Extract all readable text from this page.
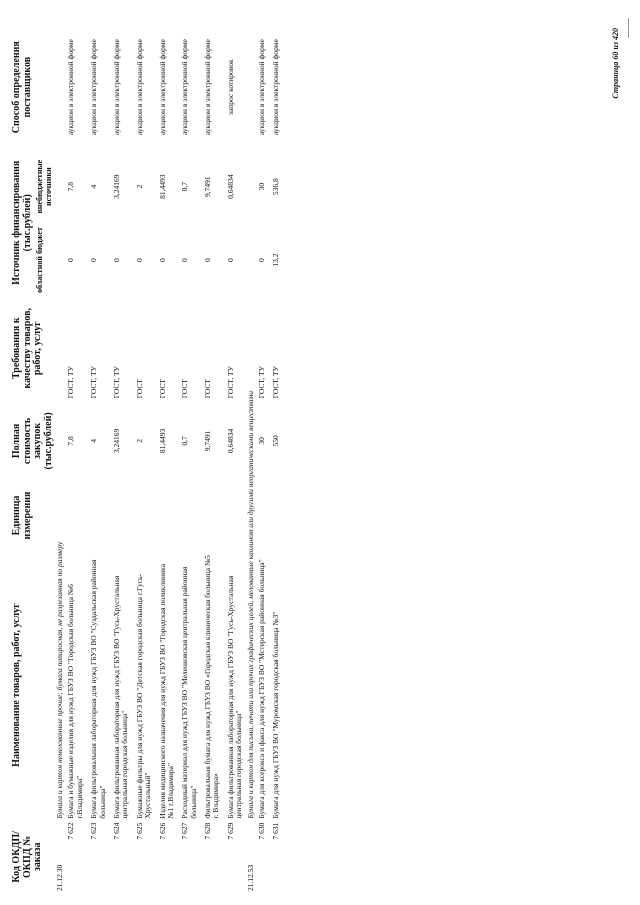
Код ОКДП/ ОКПД № заказа	Наименование товаров, работ, услуг	Единица измерения	Полная стоимость закупок (тыс.рублей)	Требования к качеству товаров, работ, услуг	Источник финансирования (тыс.рублей)		Способ определения поставщиков
					областной бюджет	внебюджетные источники	
21.12.30	Бумага и картон немелованные прочие; бумага папиросная, не разрезанная по размеру						
7 622	Бумага и бумажные изделия для нужд ГБУЗ ВО "Городская больница №6 г.Владимира"		7,8	ГОСТ, ТУ	0	7,8	аукцион в электронной форме
7 623	Бумага фильтровальная лабораторная для нужд ГБУЗ ВО "Суздальская районная больница"		4	ГОСТ, ТУ	0	4	аукцион в электронной форме
7 624	Бумага фильтрованная лабораторная для нужд ГБУЗ ВО "Гусь-Хрустальная центральная городская больница"		3,24169	ГОСТ, ТУ	0	3,24169	аукцион в электронной форме
7 625	Бумажные фильтры для нужд ГБУЗ ВО "Детская городская больница г.Гусь-Хрустальный"		2	ГОСТ	0	2	аукцион в электронной форме
7 626	Изделия медицинского назначения для нужд ГБУЗ ВО "Городская поликлиника №1 г.Владимира"		81,4493	ГОСТ	0	81,4493	аукцион в электронной форме
7 627	Расходный материал для нужд ГБУЗ ВО "Меленковская центральная районная больница"		0,7	ГОСТ	0	0,7	аукцион в электронной форме
7 628	Фильтровальная бумага для нужд ГБУЗ ВО «Городская клиническая больница №5 г. Владимира»		9,7491	ГОСТ	0	9,7491	аукцион в электронной форме
7 629	Бумага фильтрованная лабораторная для нужд ГБУЗ ВО "Гусь-Хрустальная центральная городская больница"		0,64834	ГОСТ, ТУ	0	0,64834	запрос котировок
21.12.53	Бумага и картон для письма, печати или прочих графических целей, мелованные каолином или другими неорганическими веществами						
7 630	Бумага для ксерокса и факса для нужд ГБУЗ ВО "Мстерская районная больница"		30	ГОСТ, ТУ	0	30	аукцион в электронной форме
7 631	Бумага для нужд ГБУЗ ВО "Муромская городская больница №3"		550	ГОСТ, ТУ	13,2	536,8	аукцион в электронной форме	Страница 60 из 420
